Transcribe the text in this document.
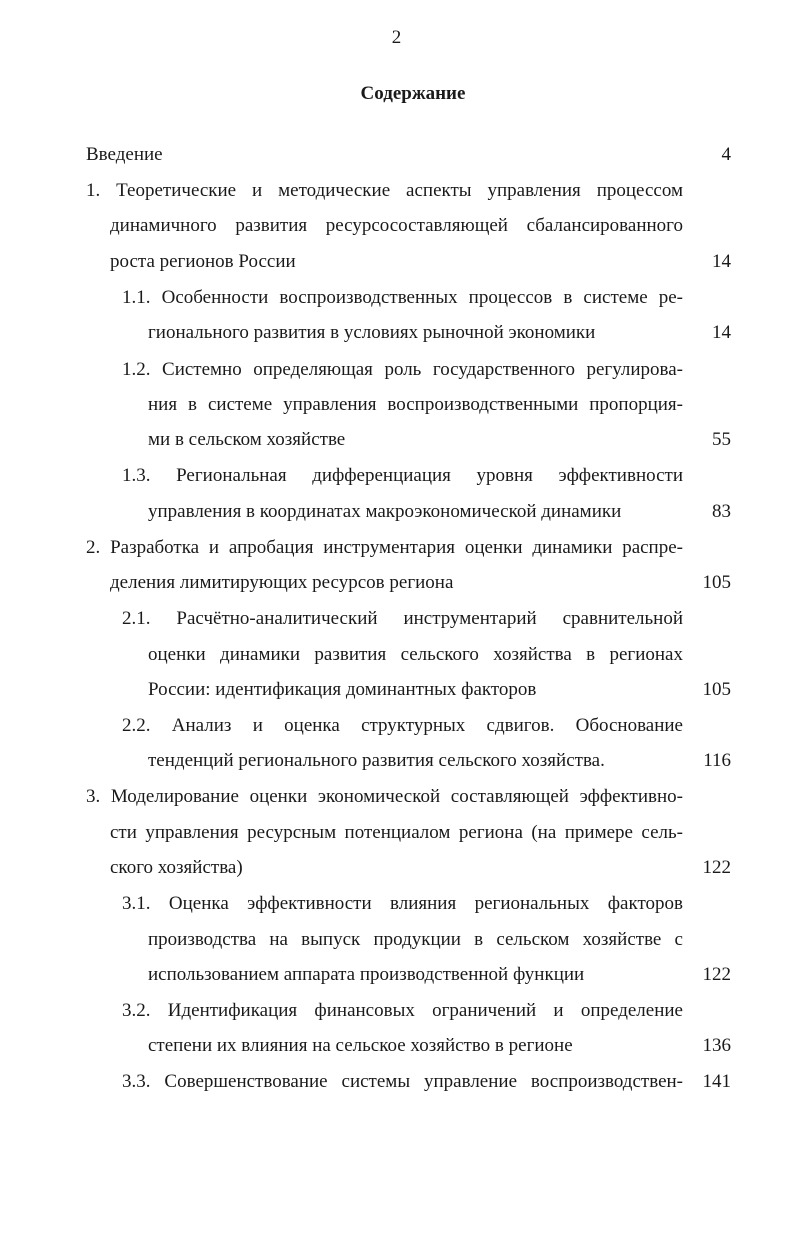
2
Содержание
Введение	4
1. Теоретические и методические аспекты управления процессом
динамичного развития ресурсосоставляющей сбалансированного
роста регионов России	14
1.1. Особенности воспроизводственных процессов в системе ре-
гионального развития в условиях рыночной экономики	14
1.2. Системно определяющая роль государственного регулирова-
ния в системе управления воспроизводственными пропорция-
ми в сельском хозяйстве	55
1.3. Региональная дифференциация уровня эффективности
управления в координатах макроэкономической динамики	83
2. Разработка и апробация инструментария оценки динамики распре-
деления лимитирующих ресурсов региона	105
2.1. Расчётно-аналитический инструментарий сравнительной
оценки динамики развития сельского хозяйства в регионах
России: идентификация доминантных факторов	105
2.2. Анализ и оценка структурных сдвигов. Обоснование
тенденций регионального развития сельского хозяйства.	116
3. Моделирование оценки экономической составляющей эффективно-
сти управления ресурсным потенциалом региона (на примере сель-
ского хозяйства)	122
3.1. Оценка эффективности влияния региональных факторов
производства на выпуск продукции в сельском хозяйстве с
использованием аппарата производственной функции	122
3.2. Идентификация финансовых ограничений и определение
степени их влияния на сельское хозяйство в регионе	136
3.3. Совершенствование системы управление воспроизводствен-	141
